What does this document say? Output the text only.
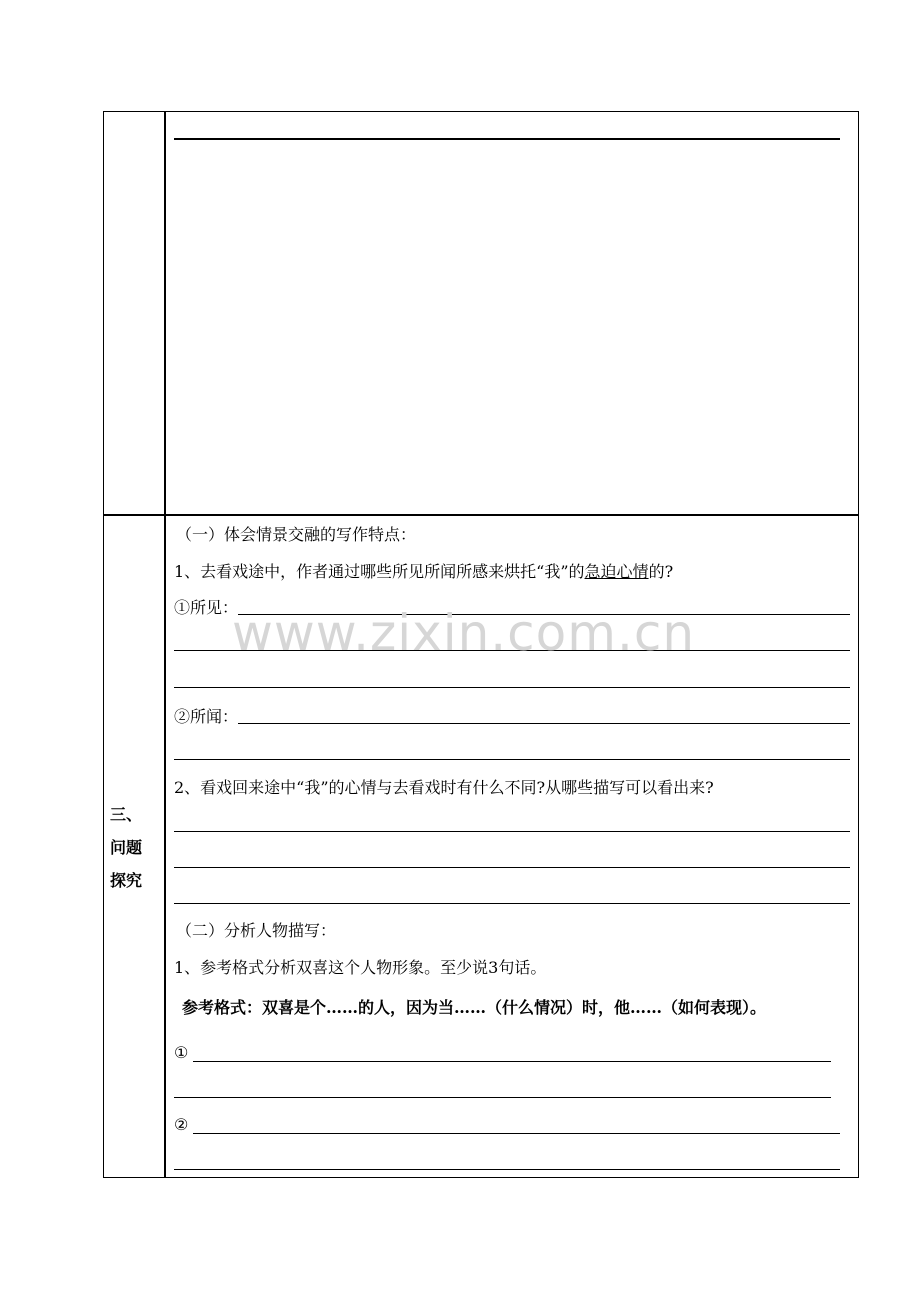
三、
问题
探究
（一）体会情景交融的写作特点：
1、去看戏途中，作者通过哪些所见所闻所感来烘托“我”的急迫心情的?
①所见：
②所闻：
2、看戏回来途中“我”的心情与去看戏时有什么不同?从哪些描写可以看出来?
（二）分析人物描写：
1、参考格式分析双喜这个人物形象。至少说3句话。
参考格式：双喜是个……的人，因为当……（什么情况）时，他……（如何表现）。
①
②
www.zixin.com.cn
